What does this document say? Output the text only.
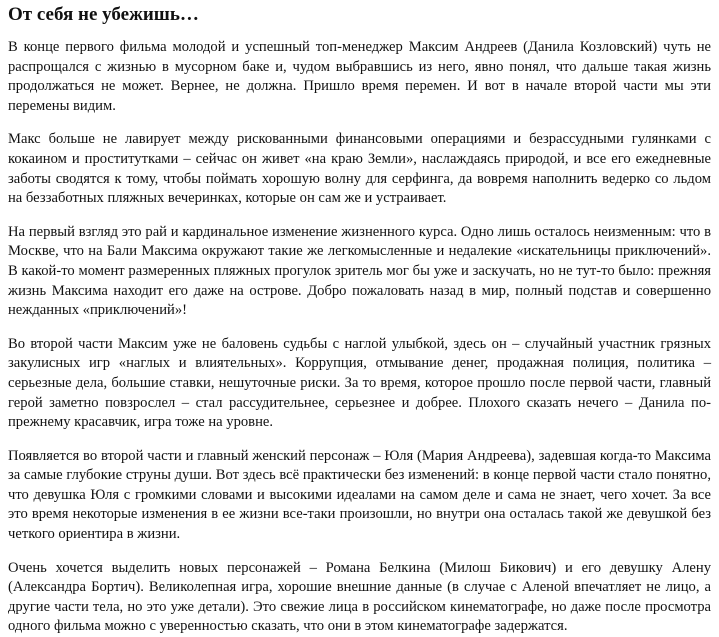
От себя не убежишь…

В конце первого фильма молодой и успешный топ-менеджер Максим Андреев (Данила Козловский) чуть не распрощался с жизнью в мусорном баке и, чудом выбравшись из него, явно понял, что дальше такая жизнь продолжаться не может. Вернее, не должна. Пришло время перемен. И вот в начале второй части мы эти перемены видим.

Макс больше не лавирует между рискованными финансовыми операциями и безрассудными гулянками с кокаином и проститутками – сейчас он живет «на краю Земли», наслаждаясь природой, и все его ежедневные заботы сводятся к тому, чтобы поймать хорошую волну для серфинга, да вовремя наполнить ведерко со льдом на беззаботных пляжных вечеринках, которые он сам же и устраивает.

На первый взгляд это рай и кардинальное изменение жизненного курса. Одно лишь осталось неизменным: что в Москве, что на Бали Максима окружают такие же легкомысленные и недалекие «искательницы приключений». В какой-то момент размеренных пляжных прогулок зритель мог бы уже и заскучать, но не тут-то было: прежняя жизнь Максима находит его даже на острове. Добро пожаловать назад в мир, полный подстав и совершенно нежданных «приключений»!

Во второй части Максим уже не баловень судьбы с наглой улыбкой, здесь он – случайный участник грязных закулисных игр «наглых и влиятельных». Коррупция, отмывание денег, продажная полиция, политика – серьезные дела, большие ставки, нешуточные риски. За то время, которое прошло после первой части, главный герой заметно повзрослел – стал рассудительнее, серьезнее и добрее. Плохого сказать нечего – Данила по-прежнему красавчик, игра тоже на уровне.

Появляется во второй части и главный женский персонаж – Юля (Мария Андреева), задевшая когда-то Максима за самые глубокие струны души. Вот здесь всё практически без изменений: в конце первой части стало понятно, что девушка Юля с громкими словами и высокими идеалами на самом деле и сама не знает, чего хочет. За все это время некоторые изменения в ее жизни все-таки произошли, но внутри она осталась такой же девушкой без четкого ориентира в жизни.

Очень хочется выделить новых персонажей – Романа Белкина (Милош Бикович) и его девушку Алену (Александра Бортич). Великолепная игра, хорошие внешние данные (в случае с Аленой впечатляет не лицо, а другие части тела, но это уже детали). Это свежие лица в российском кинематографе, но даже после просмотра одного фильма можно с уверенностью сказать, что они в этом кинематографе задержатся.
